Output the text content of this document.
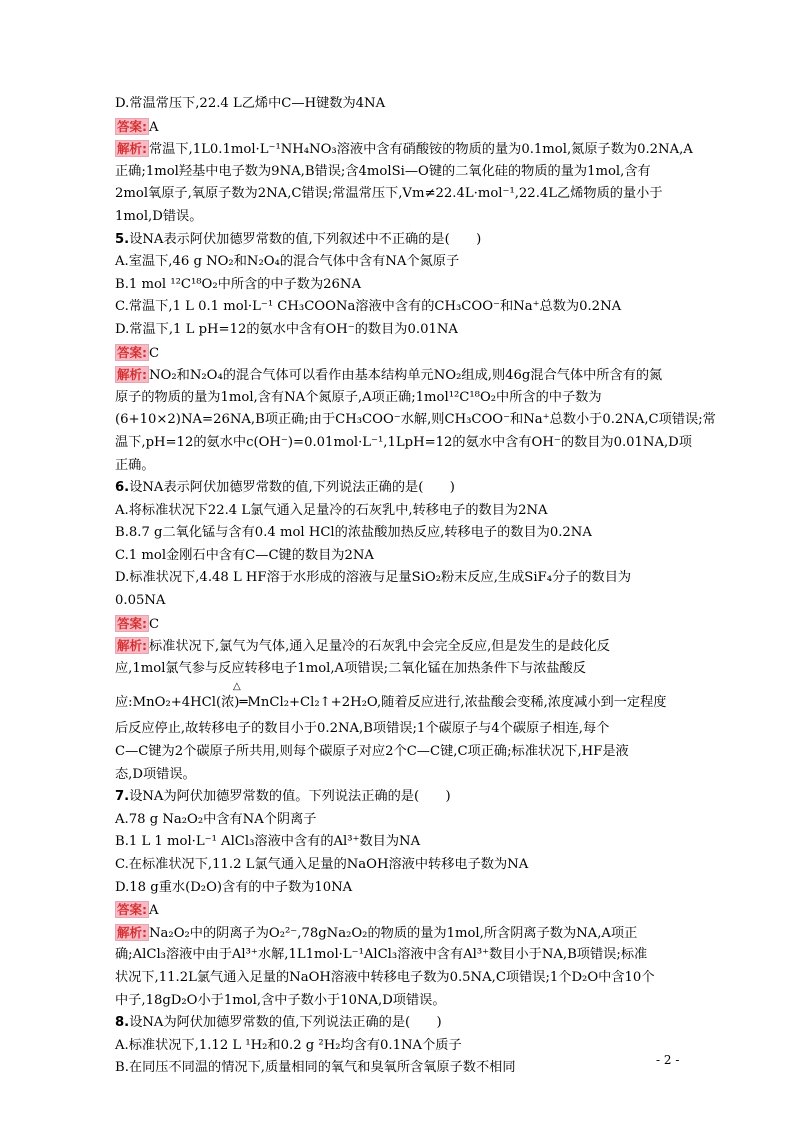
D.常温常压下,22.4 L乙烯中C—H键数为4NA
答案: A
解析: 常温下,1L0.1mol·L⁻¹NH₄NO₃溶液中含有硝酸铵的物质的量为0.1mol,氮原子数为0.2NA,A
正确;1mol羟基中电子数为9NA,B错误;含4molSi—O键的二氧化硅的物质的量为1mol,含有
2mol氧原子,氧原子数为2NA,C错误;常温常压下,Vm≠22.4L·mol⁻¹,22.4L乙烯物质的量小于
1mol,D错误。
5.设NA表示阿伏加德罗常数的值,下列叙述中不正确的是(　　)
A.室温下,46 g NO₂和N₂O₄的混合气体中含有NA个氮原子
B.1 mol ¹²C¹⁸O₂中所含的中子数为26NA
C.常温下,1 L 0.1 mol·L⁻¹ CH₃COONa溶液中含有的CH₃COO⁻和Na⁺总数为0.2NA
D.常温下,1 L pH=12的氨水中含有OH⁻的数目为0.01NA
答案: C
解析: NO₂和N₂O₄的混合气体可以看作由基本结构单元NO₂组成,则46g混合气体中所含有的氮
原子的物质的量为1mol,含有NA个氮原子,A项正确;1mol¹²C¹⁸O₂中所含的中子数为
(6+10×2)NA=26NA,B项正确;由于CH₃COO⁻水解,则CH₃COO⁻和Na⁺总数小于0.2NA,C项错误;常
温下,pH=12的氨水中c(OH⁻)=0.01mol·L⁻¹,1LpH=12的氨水中含有OH⁻的数目为0.01NA,D项
正确。
6.设NA表示阿伏加德罗常数的值,下列说法正确的是(　　)
A.将标准状况下22.4 L氯气通入足量冷的石灰乳中,转移电子的数目为2NA
B.8.7 g二氧化锰与含有0.4 mol HCl的浓盐酸加热反应,转移电子的数目为0.2NA
C.1 mol金刚石中含有C—C键的数目为2NA
D.标准状况下,4.48 L HF溶于水形成的溶液与足量SiO₂粉末反应,生成SiF₄分子的数目为
0.05NA
答案: C
解析: 标准状况下,氯气为气体,通入足量冷的石灰乳中会完全反应,但是发生的是歧化反
应,1mol氯气参与反应转移电子1mol,A项错误;二氧化锰在加热条件下与浓盐酸反
△
应:MnO₂+4HCl(浓)═MnCl₂+Cl₂↑+2H₂O,随着反应进行,浓盐酸会变稀,浓度减小到一定程度
后反应停止,故转移电子的数目小于0.2NA,B项错误;1个碳原子与4个碳原子相连,每个
C—C键为2个碳原子所共用,则每个碳原子对应2个C—C键,C项正确;标准状况下,HF是液
态,D项错误。
7.设NA为阿伏加德罗常数的值。下列说法正确的是(　　)
A.78 g Na₂O₂中含有NA个阴离子
B.1 L 1 mol·L⁻¹ AlCl₃溶液中含有的Al³⁺数目为NA
C.在标准状况下,11.2 L氯气通入足量的NaOH溶液中转移电子数为NA
D.18 g重水(D₂O)含有的中子数为10NA
答案: A
解析: Na₂O₂中的阴离子为O₂²⁻,78gNa₂O₂的物质的量为1mol,所含阴离子数为NA,A项正
确;AlCl₃溶液中由于Al³⁺水解,1L1mol·L⁻¹AlCl₃溶液中含有Al³⁺数目小于NA,B项错误;标准
状况下,11.2L氯气通入足量的NaOH溶液中转移电子数为0.5NA,C项错误;1个D₂O中含10个
中子,18gD₂O小于1mol,含中子数小于10NA,D项错误。
8.设NA为阿伏加德罗常数的值,下列说法正确的是(　　)
A.标准状况下,1.12 L ¹H₂和0.2 g ²H₂均含有0.1NA个质子
B.在同压不同温的情况下,质量相同的氧气和臭氧所含氧原子数不相同
- 2 -
